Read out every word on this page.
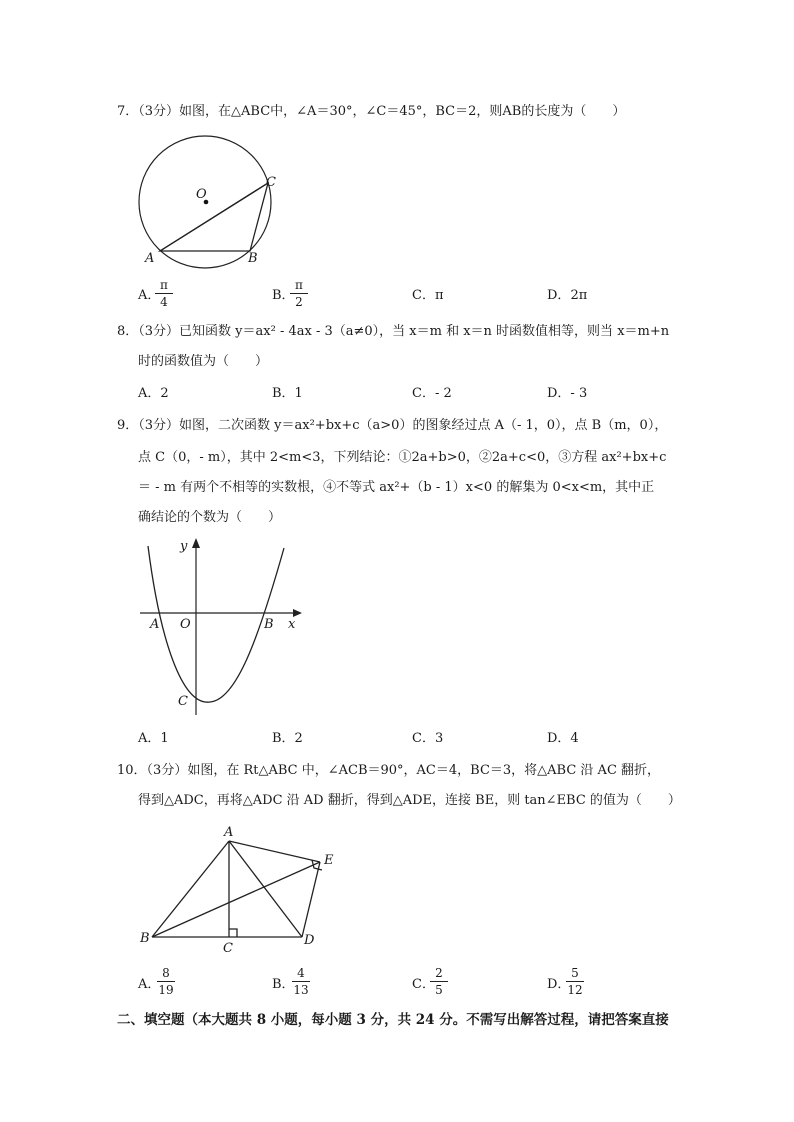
7．（3分）如图，在△ABC中，∠A＝30°，∠C＝45°，BC＝2，则AB的长度为（　　）
O
A	B
C
A．
π
4	B．
π
2	C．π	D．2π
8．（3分）已知函数 y＝ax² - 4ax - 3（a≠0），当 x＝m 和 x＝n 时函数值相等，则当 x＝m+n
时的函数值为（　　）
A．2	B．1	C．- 2	D．- 3
9．（3分）如图，二次函数 y＝ax²+bx+c（a>0）的图象经过点 A（- 1，0），点 B（m，0），
点 C（0，- m），其中 2<m<3，下列结论：①2a+b>0，②2a+c<0，③方程 ax²+bx+c
＝ - m 有两个不相等的实数根，④不等式 ax²+（b - 1）x<0 的解集为 0<x<m，其中正
确结论的个数为（　　）
y
x
A O	B
C
A．1	B．2	C．3	D．4
10．（3分）如图，在 Rt△ABC 中，∠ACB＝90°，AC＝4，BC＝3，将△ABC 沿 AC 翻折，
得到△ADC，再将△ADC 沿 AD 翻折，得到△ADE，连接 BE，则 tan∠EBC 的值为（　　）
A
B
C
D
E
A．
8
19	B．
4
13	C．
2
5	D．
5
12
二、填空题（本大题共 8 小题，每小题 3 分，共 24 分。不需写出解答过程，请把答案直接
